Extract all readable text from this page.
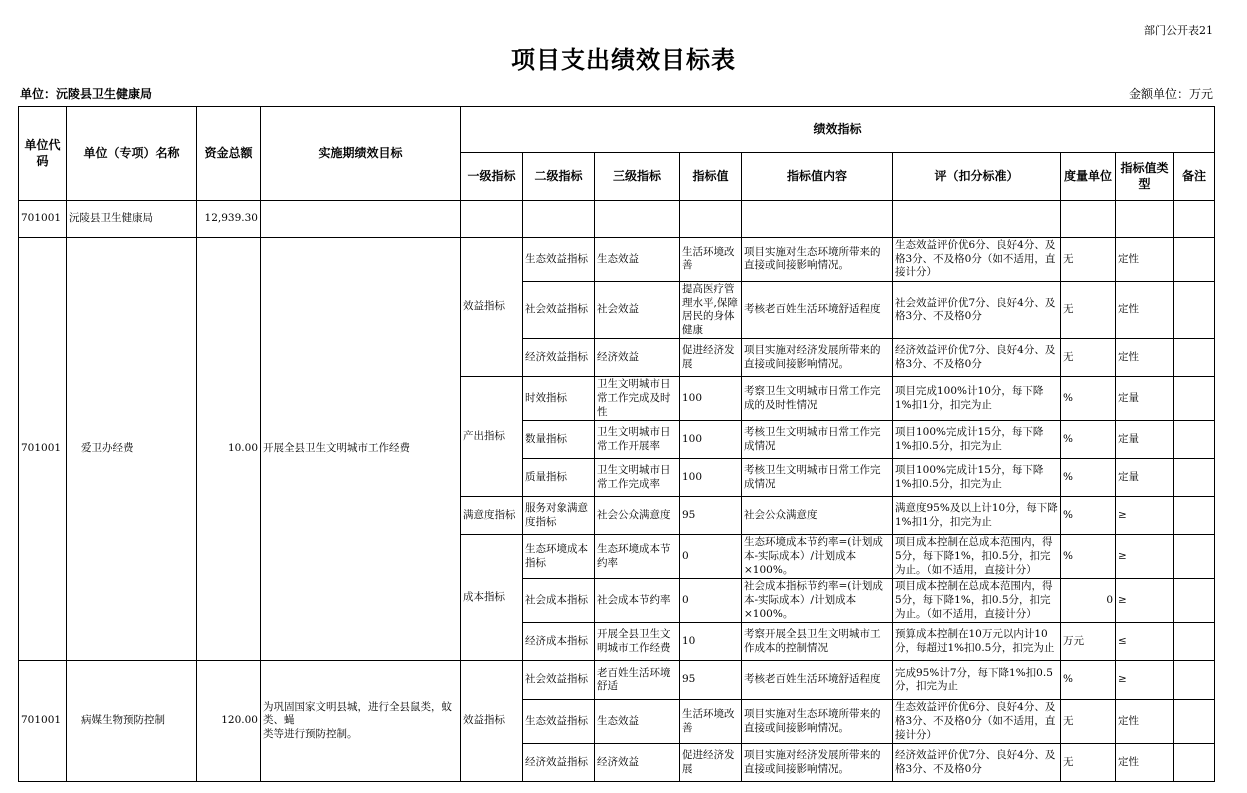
部门公开表21
项目支出绩效目标表
单位：沅陵县卫生健康局	金额单位：万元
单位代码	单位（专项）名称	资金总额	实施期绩效目标	绩效指标								
				一级指标	二级指标	三级指标	指标值	指标值内容	评（扣分标准）	度量单位	指标值类型	备注
701001	沅陵县卫生健康局	12,939.30										
701001	爱卫办经费	10.00	开展全县卫生文明城市工作经费	效益指标	生态效益指标	生态效益	生活环境改善	项目实施对生态环境所带来的直接或间接影响情况。	生态效益评价优6分、良好4分、及格3分、不及格0分（如不适用，直接计分）	无	定性	
					社会效益指标	社会效益	提高医疗管理水平,保障居民的身体健康	考核老百姓生活环境舒适程度	社会效益评价优7分、良好4分、及格3分、不及格0分	无	定性	
					经济效益指标	经济效益	促进经济发展	项目实施对经济发展所带来的直接或间接影响情况。	经济效益评价优7分、良好4分、及格3分、不及格0分	无	定性	
				产出指标	时效指标	卫生文明城市日常工作完成及时性	100	考察卫生文明城市日常工作完成的及时性情况	项目完成100%计10分，每下降1%扣1分，扣完为止	%	定量	
					数量指标	卫生文明城市日常工作开展率	100	考核卫生文明城市日常工作完成情况	项目100%完成计15分，每下降1%扣0.5分，扣完为止	%	定量	
					质量指标	卫生文明城市日常工作完成率	100	考核卫生文明城市日常工作完成情况	项目100%完成计15分，每下降1%扣0.5分，扣完为止	%	定量	
				满意度指标	服务对象满意度指标	社会公众满意度	95	社会公众满意度	满意度95%及以上计10分，每下降1%扣1分，扣完为止	%	≥	
				成本指标	生态环境成本指标	生态环境成本节约率	0	生态环境成本节约率=(计划成本-实际成本）/计划成本×100%。	项目成本控制在总成本范围内，得5分，每下降1%，扣0.5分，扣完为止。（如不适用，直接计分）	%	≥	
					社会成本指标	社会成本节约率	0	社会成本指标节约率=(计划成本-实际成本）/计划成本×100%。	项目成本控制在总成本范围内，得5分，每下降1%，扣0.5分，扣完为止。（如不适用，直接计分）	0	≥	
					经济成本指标	开展全县卫生文明城市工作经费	10	考察开展全县卫生文明城市工作成本的控制情况	预算成本控制在10万元以内计10分，每超过1%扣0.5分，扣完为止	万元	≤	
701001	病媒生物预防控制	120.00	为巩固国家文明县城，进行全县鼠类，蚊类、蝇
类等进行预防控制。	效益指标	社会效益指标	老百姓生活环境舒适	95	考核老百姓生活环境舒适程度	完成95%计7分，每下降1%扣0.5分，扣完为止	%	≥	
					生态效益指标	生态效益	生活环境改善	项目实施对生态环境所带来的直接或间接影响情况。	生态效益评价优6分、良好4分、及格3分、不及格0分（如不适用，直接计分）	无	定性	
					经济效益指标	经济效益	促进经济发展	项目实施对经济发展所带来的直接或间接影响情况。	经济效益评价优7分、良好4分、及格3分、不及格0分	无	定性	
